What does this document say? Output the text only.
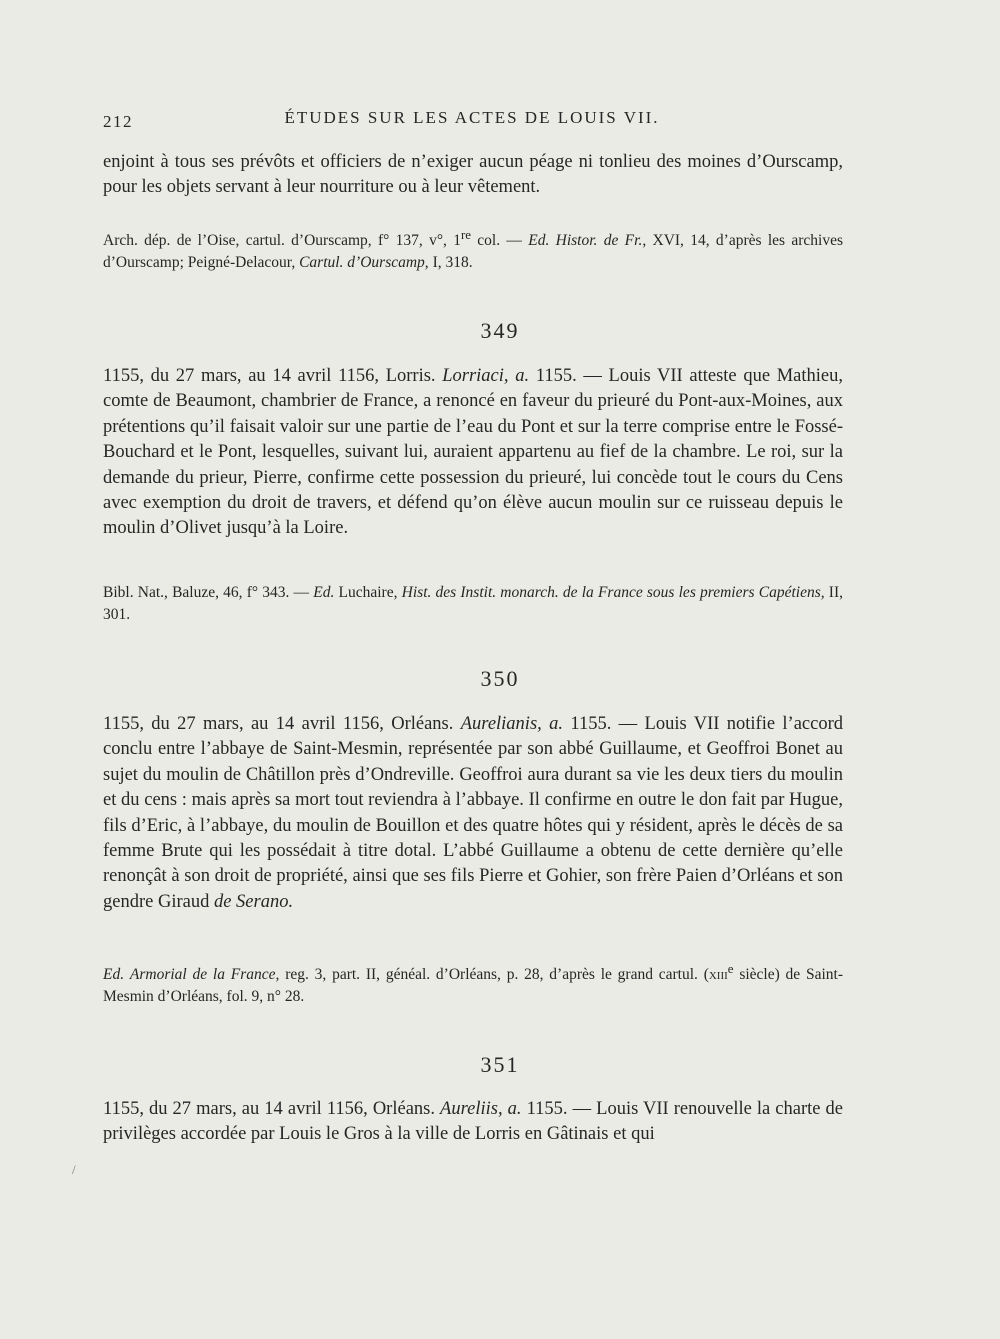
212	ÉTUDES SUR LES ACTES DE LOUIS VII.

enjoint à tous ses prévôts et officiers de n’exiger aucun péage ni tonlieu des moines d’Ourscamp, pour les objets servant à leur nourriture ou à leur vêtement.

Arch. dép. de l’Oise, cartul. d’Ourscamp, f° 137, v°, 1re col. — Ed. Histor. de Fr., XVI, 14, d’après les archives d’Ourscamp; Peigné-Delacour, Cartul. d’Ourscamp, I, 318.

349

1155, du 27 mars, au 14 avril 1156, Lorris. Lorriaci, a. 1155. — Louis VII atteste que Mathieu, comte de Beaumont, chambrier de France, a renoncé en faveur du prieuré du Pont-aux-Moines, aux prétentions qu’il faisait valoir sur une partie de l’eau du Pont et sur la terre comprise entre le Fossé-Bouchard et le Pont, lesquelles, suivant lui, auraient appartenu au fief de la chambre. Le roi, sur la demande du prieur, Pierre, confirme cette possession du prieuré, lui concède tout le cours du Cens avec exemption du droit de travers, et défend qu’on élève aucun moulin sur ce ruisseau depuis le moulin d’Olivet jusqu’à la Loire.

Bibl. Nat., Baluze, 46, f° 343. — Ed. Luchaire, Hist. des Instit. monarch. de la France sous les premiers Capétiens, II, 301.

350

1155, du 27 mars, au 14 avril 1156, Orléans. Aurelianis, a. 1155. — Louis VII notifie l’accord conclu entre l’abbaye de Saint-Mesmin, représentée par son abbé Guillaume, et Geoffroi Bonet au sujet du moulin de Châtillon près d’Ondreville. Geoffroi aura durant sa vie les deux tiers du moulin et du cens : mais après sa mort tout reviendra à l’abbaye. Il confirme en outre le don fait par Hugue, fils d’Eric, à l’abbaye, du moulin de Bouillon et des quatre hôtes qui y résident, après le décès de sa femme Brute qui les possédait à titre dotal. L’abbé Guillaume a obtenu de cette dernière qu’elle renonçât à son droit de propriété, ainsi que ses fils Pierre et Gohier, son frère Paien d’Orléans et son gendre Giraud de Serano.

Ed. Armorial de la France, reg. 3, part. II, généal. d’Orléans, p. 28, d’après le grand cartul. (xiii$^e$ siècle) de Saint-Mesmin d’Orléans, fol. 9, n° 28.

351

1155, du 27 mars, au 14 avril 1156, Orléans. Aureliis, a. 1155. — Louis VII renouvelle la charte de privilèges accordée par Louis le Gros à la ville de Lorris en Gâtinais et qui

/
